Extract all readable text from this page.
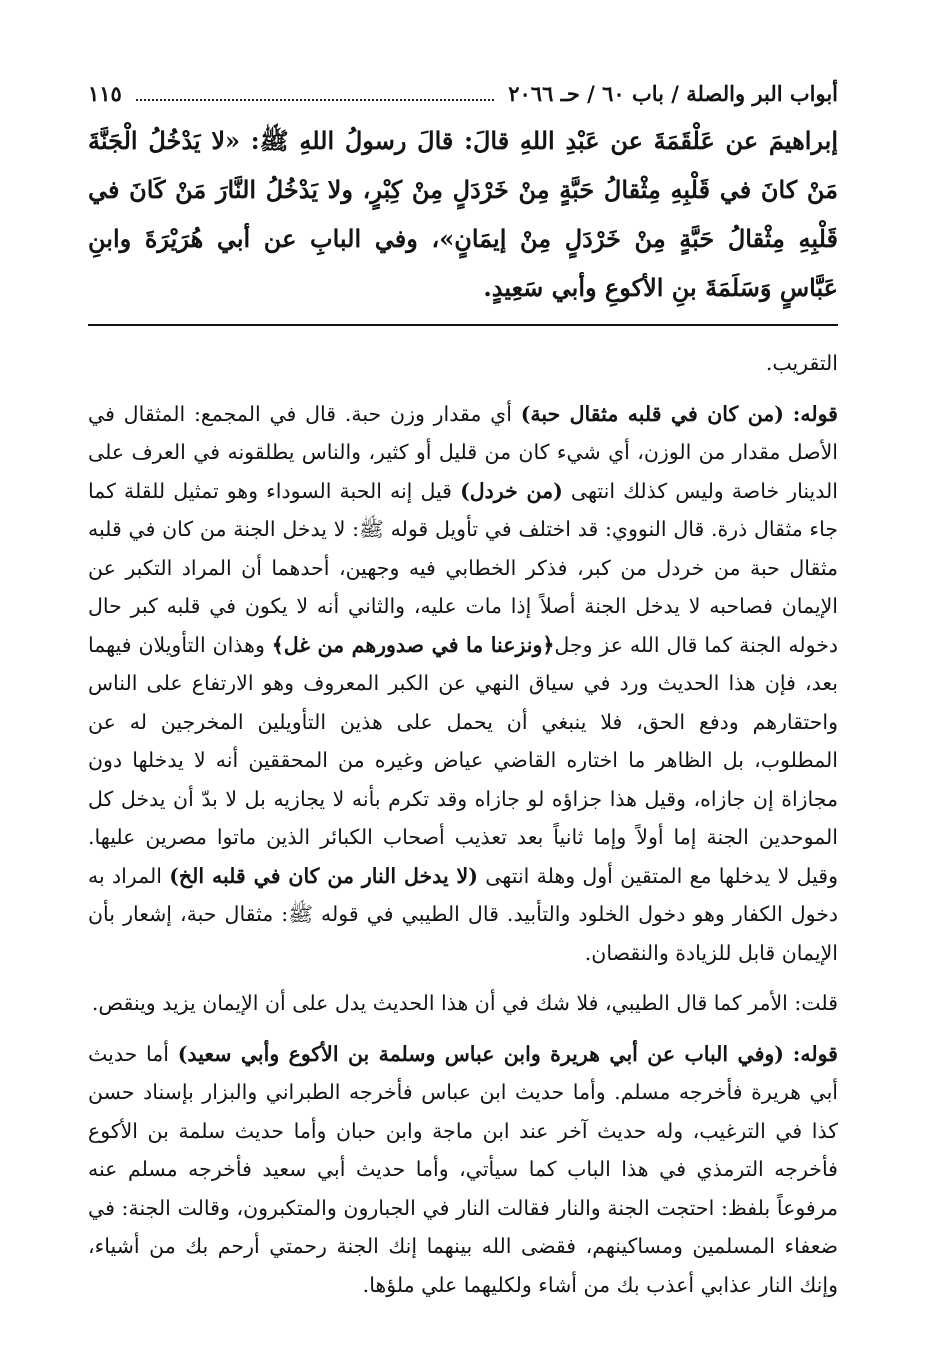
أبواب البر والصلة / باب ٦٠ / حـ ٢٠٦٦
١١٥

إبراهيمَ عن عَلْقَمَةَ عن عَبْدِ اللهِ قالَ: قالَ رسولُ اللهِ ﷺ: «لا يَدْخُلُ الْجَنَّةَ مَنْ كانَ في قَلْبِهِ مِثْقالُ حَبَّةٍ مِنْ خَرْدَلٍ مِنْ كِبْرٍ، ولا يَدْخُلُ النَّارَ مَنْ كَانَ في قَلْبِهِ مِثْقالُ حَبَّةٍ مِنْ خَرْدَلٍ مِنْ إيمَانٍ»، وفي البابِ عن أبي هُرَيْرَةَ وابنِ عَبَّاسٍ وَسَلَمَةَ بنِ الأكوعِ وأبي سَعِيدٍ.

التقريب.

قوله: (من كان في قلبه مثقال حبة) أي مقدار وزن حبة. قال في المجمع: المثقال في الأصل مقدار من الوزن، أي شيء كان من قليل أو كثير، والناس يطلقونه في العرف على الدينار خاصة وليس كذلك انتهى (من خردل) قيل إنه الحبة السوداء وهو تمثيل للقلة كما جاء مثقال ذرة. قال النووي: قد اختلف في تأويل قوله ﷺ: لا يدخل الجنة من كان في قلبه مثقال حبة من خردل من كبر، فذكر الخطابي فيه وجهين، أحدهما أن المراد التكبر عن الإيمان فصاحبه لا يدخل الجنة أصلاً إذا مات عليه، والثاني أنه لا يكون في قلبه كبر حال دخوله الجنة كما قال الله عز وجل﴿ونزعنا ما في صدورهم من غل﴾ وهذان التأويلان فيهما بعد، فإن هذا الحديث ورد في سياق النهي عن الكبر المعروف وهو الارتفاع على الناس واحتقارهم ودفع الحق، فلا ينبغي أن يحمل على هذين التأويلين المخرجين له عن المطلوب، بل الظاهر ما اختاره القاضي عياض وغيره من المحققين أنه لا يدخلها دون مجازاة إن جازاه، وقيل هذا جزاؤه لو جازاه وقد تكرم بأنه لا يجازيه بل لا بدّ أن يدخل كل الموحدين الجنة إما أولاً وإما ثانياً بعد تعذيب أصحاب الكبائر الذين ماتوا مصرين عليها. وقيل لا يدخلها مع المتقين أول وهلة انتهى (لا يدخل النار من كان في قلبه الخ) المراد به دخول الكفار وهو دخول الخلود والتأبيد. قال الطيبي في قوله ﷺ: مثقال حبة، إشعار بأن الإيمان قابل للزيادة والنقصان.

قلت: الأمر كما قال الطيبي، فلا شك في أن هذا الحديث يدل على أن الإيمان يزيد وينقص.

قوله: (وفي الباب عن أبي هريرة وابن عباس وسلمة بن الأكوع وأبي سعيد) أما حديث أبي هريرة فأخرجه مسلم. وأما حديث ابن عباس فأخرجه الطبراني والبزار بإسناد حسن كذا في الترغيب، وله حديث آخر عند ابن ماجة وابن حبان وأما حديث سلمة بن الأكوع فأخرجه الترمذي في هذا الباب كما سيأتي، وأما حديث أبي سعيد فأخرجه مسلم عنه مرفوعاً بلفظ: احتجت الجنة والنار فقالت النار في الجبارون والمتكبرون، وقالت الجنة: في ضعفاء المسلمين ومساكينهم، فقضى الله بينهما إنك الجنة رحمتي أرحم بك من أشياء، وإنك النار عذابي أعذب بك من أشاء ولكليهما علي ملؤها.
